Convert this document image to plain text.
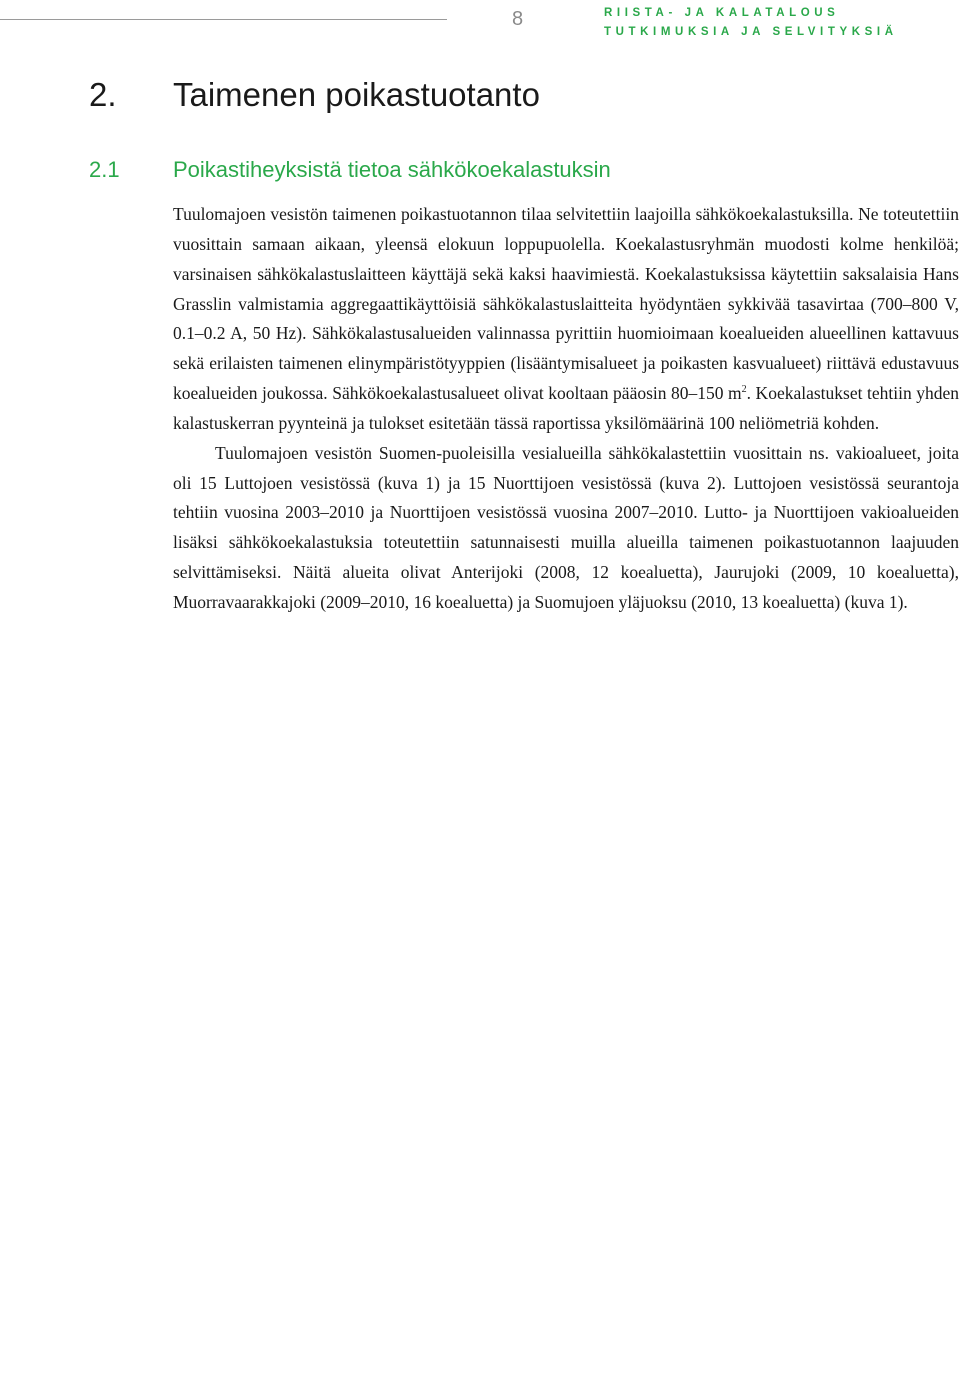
8	RIISTA- JA KALATALOUS
TUTKIMUKSIA JA SELVITYKSIÄ
2. Taimenen poikastuotanto
2.1 Poikastiheyksistä tietoa sähkökoekalastuksin

Tuulomajoen vesistön taimenen poikastuotannon tilaa selvitettiin laajoilla sähkökoekalastuksilla. Ne toteutettiin vuosittain samaan aikaan, yleensä elokuun loppupuolella. Koekalastusryhmän muodosti kolme henkilöä; varsinaisen sähkökalastuslaitteen käyttäjä sekä kaksi haavimiestä. Koekalastuksissa käytettiin saksalaisia Hans Grasslin valmistamia aggregaattikäyttöisiä sähkökalastuslaitteita hyödyntäen sykkivää tasavirtaa (700‒800 V, 0.1‒0.2 A, 50 Hz). Sähkökalastusalueiden valinnassa pyrittiin huomioimaan koealueiden alueellinen kattavuus sekä erilaisten taimenen elinympäristötyyppien (lisääntymisalueet ja poikasten kasvualueet) riittävä edustavuus koealueiden joukossa. Sähkökoekalastusalueet olivat kooltaan pääosin 80‒150 $m^2$. Koekalastukset tehtiin yhden kalastuskerran pyynteinä ja tulokset esitetään tässä raportissa yksilömäärinä 100 neliömetriä kohden.

Tuulomajoen vesistön Suomen-puoleisilla vesialueilla sähkökalastettiin vuosittain ns. vakioalueet, joita oli 15 Luttojoen vesistössä (kuva 1) ja 15 Nuorttijoen vesistössä (kuva 2). Luttojoen vesistössä seurantoja tehtiin vuosina 2003‒2010 ja Nuorttijoen vesistössä vuosina 2007‒2010. Lutto- ja Nuorttijoen vakioalueiden lisäksi sähkökoekalastuksia toteutettiin satunnaisesti muilla alueilla taimenen poikastuotannon laajuuden selvittämiseksi. Näitä alueita olivat Anterijoki (2008, 12 koealuetta), Jaurujoki (2009, 10 koealuetta), Muorravaarakkajoki (2009‒2010, 16 koealuetta) ja Suomujoen yläjuoksu (2010, 13 koealuetta) (kuva 1).
